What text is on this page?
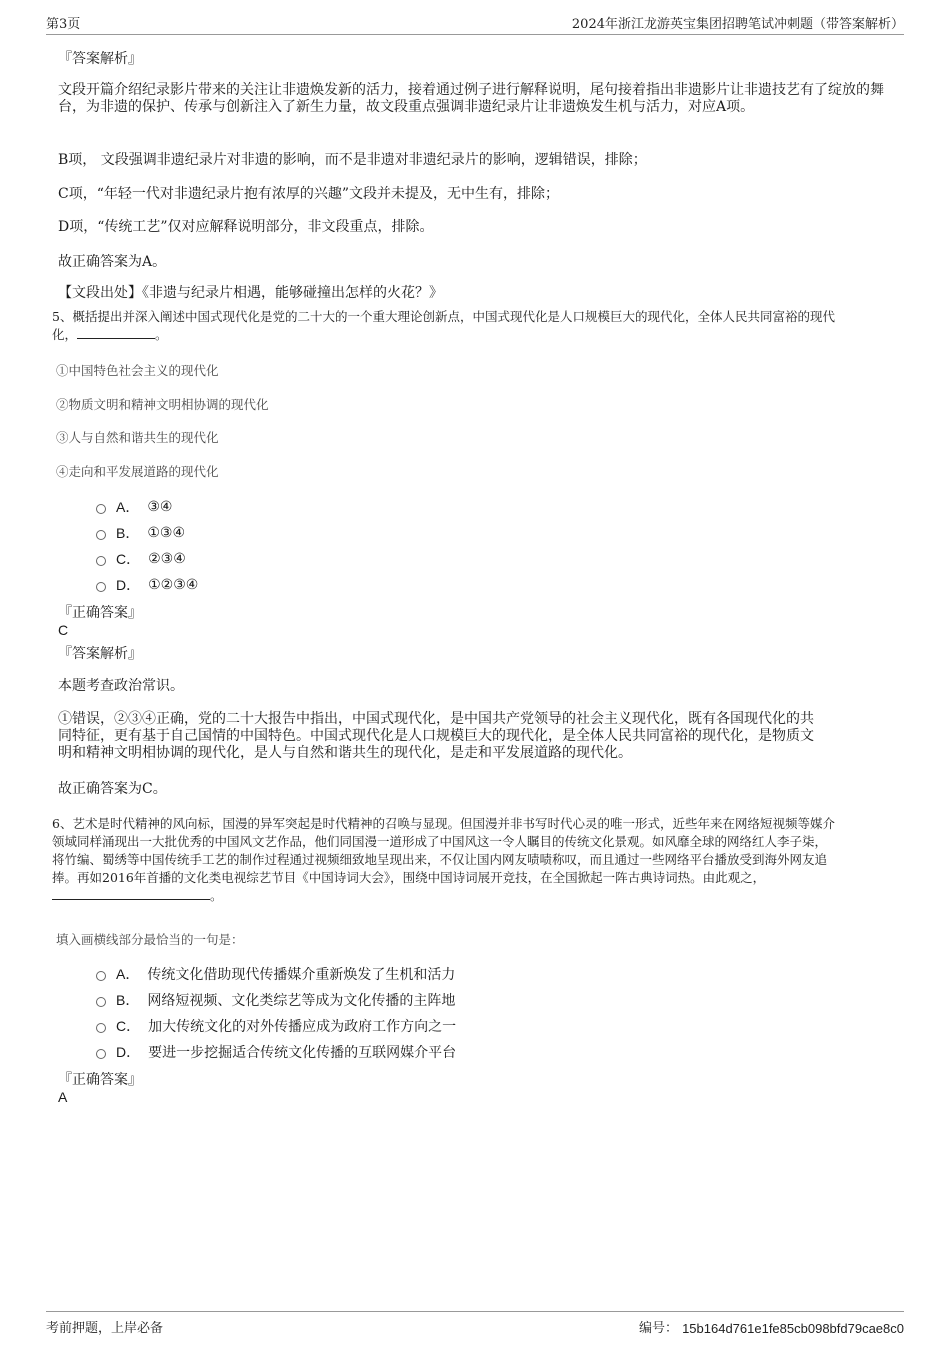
第3页	2024年浙江龙游英宝集团招聘笔试冲刺题（带答案解析）
『答案解析』
文段开篇介绍纪录影片带来的关注让非遗焕发新的活力，接着通过例子进行解释说明，尾句接着指出非遗影片让非遗技艺有了绽放的舞台，为非遗的保护、传承与创新注入了新生力量，故文段重点强调非遗纪录片让非遗焕发生机与活力，对应A项。
B项， 文段强调非遗纪录片对非遗的影响，而不是非遗对非遗纪录片的影响，逻辑错误，排除；
C项，“年轻一代对非遗纪录片抱有浓厚的兴趣”文段并未提及，无中生有，排除；
D项，“传统工艺”仅对应解释说明部分，非文段重点，排除。
故正确答案为A。
【文段出处】《非遗与纪录片相遇，能够碰撞出怎样的火花？》
5、概括提出并深入阐述中国式现代化是党的二十大的一个重大理论创新点，中国式现代化是人口规模巨大的现代化，全体人民共同富裕的现代
化，	。
①中国特色社会主义的现代化
②物质文明和精神文明相协调的现代化
③人与自然和谐共生的现代化
④走向和平发展道路的现代化
A． ③④
B． ①③④
C． ②③④
D． ①②③④
『正确答案』
C
『答案解析』
本题考查政治常识。
①错误，②③④正确，党的二十大报告中指出，中国式现代化，是中国共产党领导的社会主义现代化，既有各国现代化的共
同特征，更有基于自己国情的中国特色。中国式现代化是人口规模巨大的现代化，是全体人民共同富裕的现代化，是物质文
明和精神文明相协调的现代化，是人与自然和谐共生的现代化，是走和平发展道路的现代化。
故正确答案为C。
6、艺术是时代精神的风向标，国漫的异军突起是时代精神的召唤与显现。但国漫并非书写时代心灵的唯一形式，近些年来在网络短视频等媒介
领域同样涌现出一大批优秀的中国风文艺作品，他们同国漫一道形成了中国风这一令人瞩目的传统文化景观。如风靡全球的网络红人李子柒，
将竹编、蜀绣等中国传统手工艺的制作过程通过视频细致地呈现出来，不仅让国内网友啧啧称叹，而且通过一些网络平台播放受到海外网友追
捧。再如2016年首播的文化类电视综艺节目《中国诗词大会》，围绕中国诗词展开竞技，在全国掀起一阵古典诗词热。由此观之，
。
填入画横线部分最恰当的一句是：
A． 传统文化借助现代传播媒介重新焕发了生机和活力
B． 网络短视频、文化类综艺等成为文化传播的主阵地
C． 加大传统文化的对外传播应成为政府工作方向之一
D． 要进一步挖掘适合传统文化传播的互联网媒介平台
『正确答案』
A
考前押题，上岸必备	编号： 15b164d761e1fe85cb098bfd79cae8c0
